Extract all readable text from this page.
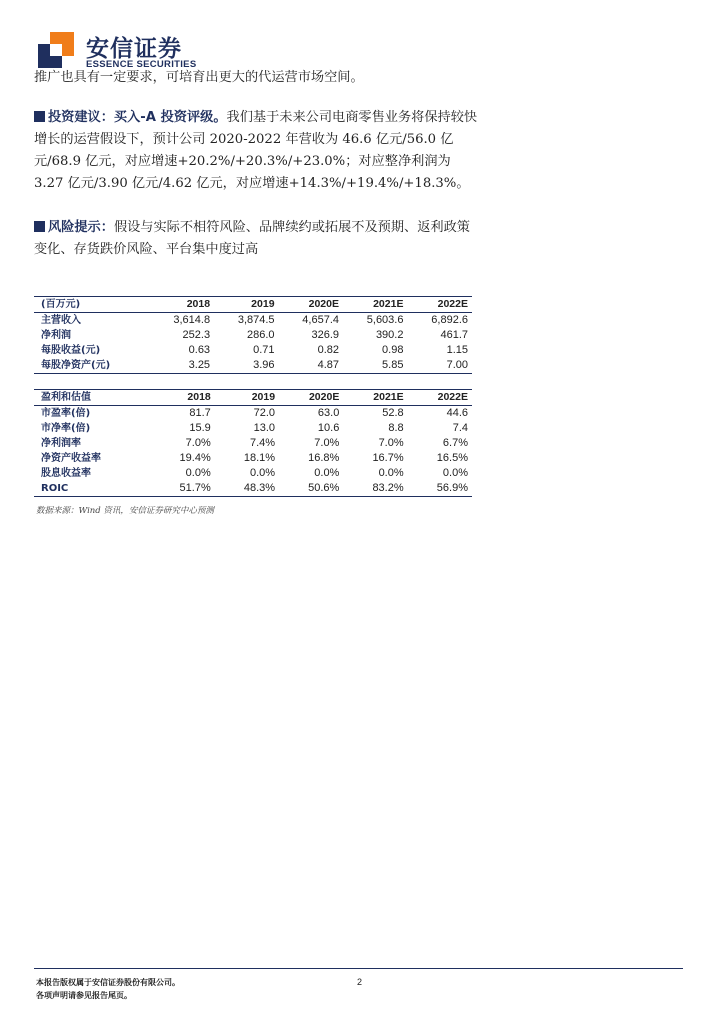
安信证券
ESSENCE SECURITIES
推广也具有一定要求，可培育出更大的代运营市场空间。
投资建议：买入-A 投资评级。我们基于未来公司电商零售业务将保持较快增长的运营假设下，预计公司 2020-2022 年营收为 46.6 亿元/56.0 亿元/68.9 亿元，对应增速+20.2%/+20.3%/+23.0%；对应整净利润为 3.27 亿元/3.90 亿元/4.62 亿元，对应增速+14.3%/+19.4%/+18.3%。
风险提示：假设与实际不相符风险、品牌续约或拓展不及预期、返利政策变化、存货跌价风险、平台集中度过高
(百万元)	2018	2019	2020E	2021E	2022E
主营收入	3,614.8	3,874.5	4,657.4	5,603.6	6,892.6
净利润	252.3	286.0	326.9	390.2	461.7
每股收益(元)	0.63	0.71	0.82	0.98	1.15
每股净资产(元)	3.25	3.96	4.87	5.85	7.00
盈利和估值	2018	2019	2020E	2021E	2022E
市盈率(倍)	81.7	72.0	63.0	52.8	44.6
市净率(倍)	15.9	13.0	10.6	8.8	7.4
净利润率	7.0%	7.4%	7.0%	7.0%	6.7%
净资产收益率	19.4%	18.1%	16.8%	16.7%	16.5%
股息收益率	0.0%	0.0%	0.0%	0.0%	0.0%
ROIC	51.7%	48.3%	50.6%	83.2%	56.9%
数据来源：Wind 资讯，安信证券研究中心预测
本报告版权属于安信证券股份有限公司。
各项声明请参见报告尾页。
2
